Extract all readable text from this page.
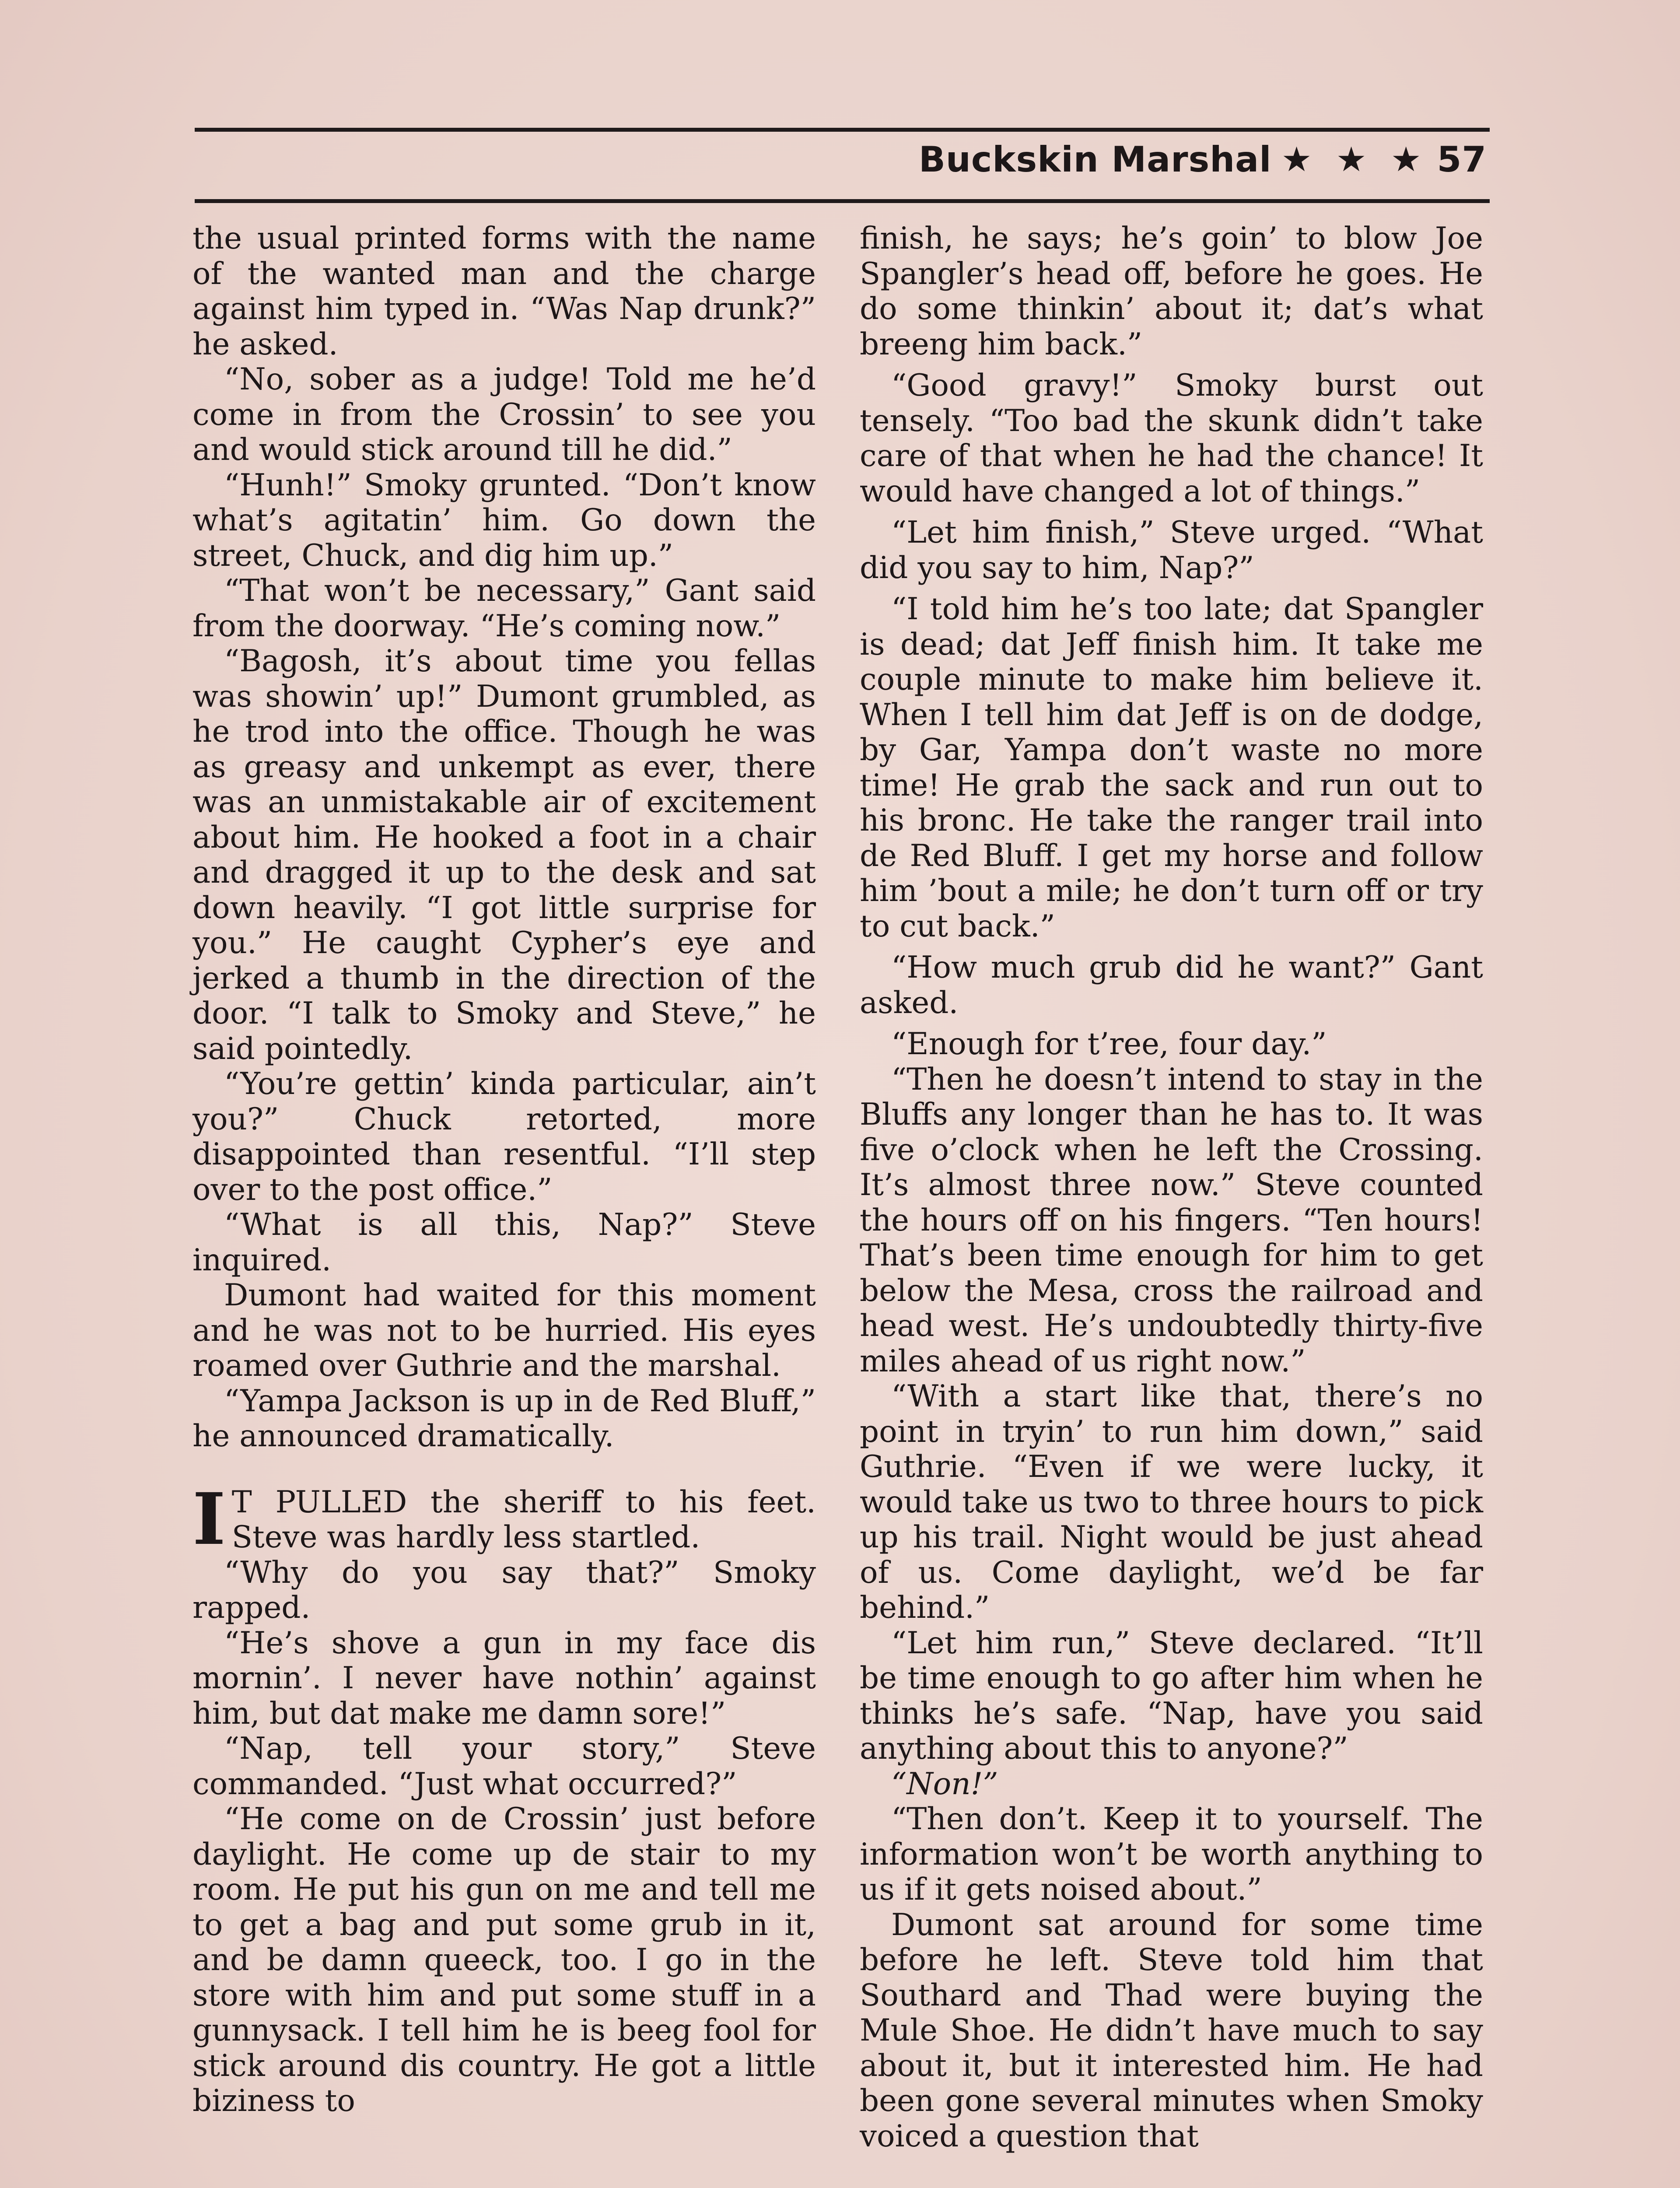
Buckskin Marshal ★ ★ ★ 57

the usual printed forms with the name of the wanted man and the charge against him typed in. “Was Nap drunk?” he asked.

“No, sober as a judge! Told me he’d come in from the Crossin’ to see you and would stick around till he did.”

“Hunh!” Smoky grunted. “Don’t know what’s agitatin’ him. Go down the street, Chuck, and dig him up.”

“That won’t be necessary,” Gant said from the doorway. “He’s coming now.”

“Bagosh, it’s about time you fellas was showin’ up!” Dumont grumbled, as he trod into the office. Though he was as greasy and unkempt as ever, there was an unmistakable air of excitement about him. He hooked a foot in a chair and dragged it up to the desk and sat down heavily. “I got little surprise for you.” He caught Cypher’s eye and jerked a thumb in the direction of the door. “I talk to Smoky and Steve,” he said pointedly.

“You’re gettin’ kinda particular, ain’t you?” Chuck retorted, more disappointed than resentful. “I’ll step over to the post office.”

“What is all this, Nap?” Steve inquired.

Dumont had waited for this moment and he was not to be hurried. His eyes roamed over Guthrie and the marshal.

“Yampa Jackson is up in de Red Bluff,” he announced dramatically.

I T PULLED the sheriff to his feet. Steve was hardly less startled.

“Why do you say that?” Smoky rapped.

“He’s shove a gun in my face dis mornin’. I never have nothin’ against him, but dat make me damn sore!”

“Nap, tell your story,” Steve commanded. “Just what occurred?”

“He come on de Crossin’ just before daylight. He come up de stair to my room. He put his gun on me and tell me to get a bag and put some grub in it, and be damn queeck, too. I go in the store with him and put some stuff in a gunnysack. I tell him he is beeg fool for stick around dis country. He got a little biziness to

finish, he says; he’s goin’ to blow Joe Spangler’s head off, before he goes. He do some thinkin’ about it; dat’s what breeng him back.”

“Good gravy!” Smoky burst out tensely. “Too bad the skunk didn’t take care of that when he had the chance! It would have changed a lot of things.”

“Let him finish,” Steve urged. “What did you say to him, Nap?”

“I told him he’s too late; dat Spangler is dead; dat Jeff finish him. It take me couple minute to make him believe it. When I tell him dat Jeff is on de dodge, by Gar, Yampa don’t waste no more time! He grab the sack and run out to his bronc. He take the ranger trail into de Red Bluff. I get my horse and follow him ’bout a mile; he don’t turn off or try to cut back.”

“How much grub did he want?” Gant asked.

“Enough for t’ree, four day.”

“Then he doesn’t intend to stay in the Bluffs any longer than he has to. It was five o’clock when he left the Crossing. It’s almost three now.” Steve counted the hours off on his fingers. “Ten hours! That’s been time enough for him to get below the Mesa, cross the railroad and head west. He’s undoubtedly thirty-five miles ahead of us right now.”

“With a start like that, there’s no point in tryin’ to run him down,” said Guthrie. “Even if we were lucky, it would take us two to three hours to pick up his trail. Night would be just ahead of us. Come daylight, we’d be far behind.”

“Let him run,” Steve declared. “It’ll be time enough to go after him when he thinks he’s safe. “Nap, have you said anything about this to anyone?”

“Non!”

“Then don’t. Keep it to yourself. The information won’t be worth anything to us if it gets noised about.”

Dumont sat around for some time before he left. Steve told him that Southard and Thad were buying the Mule Shoe. He didn’t have much to say about it, but it interested him. He had been gone several minutes when Smoky voiced a question that
